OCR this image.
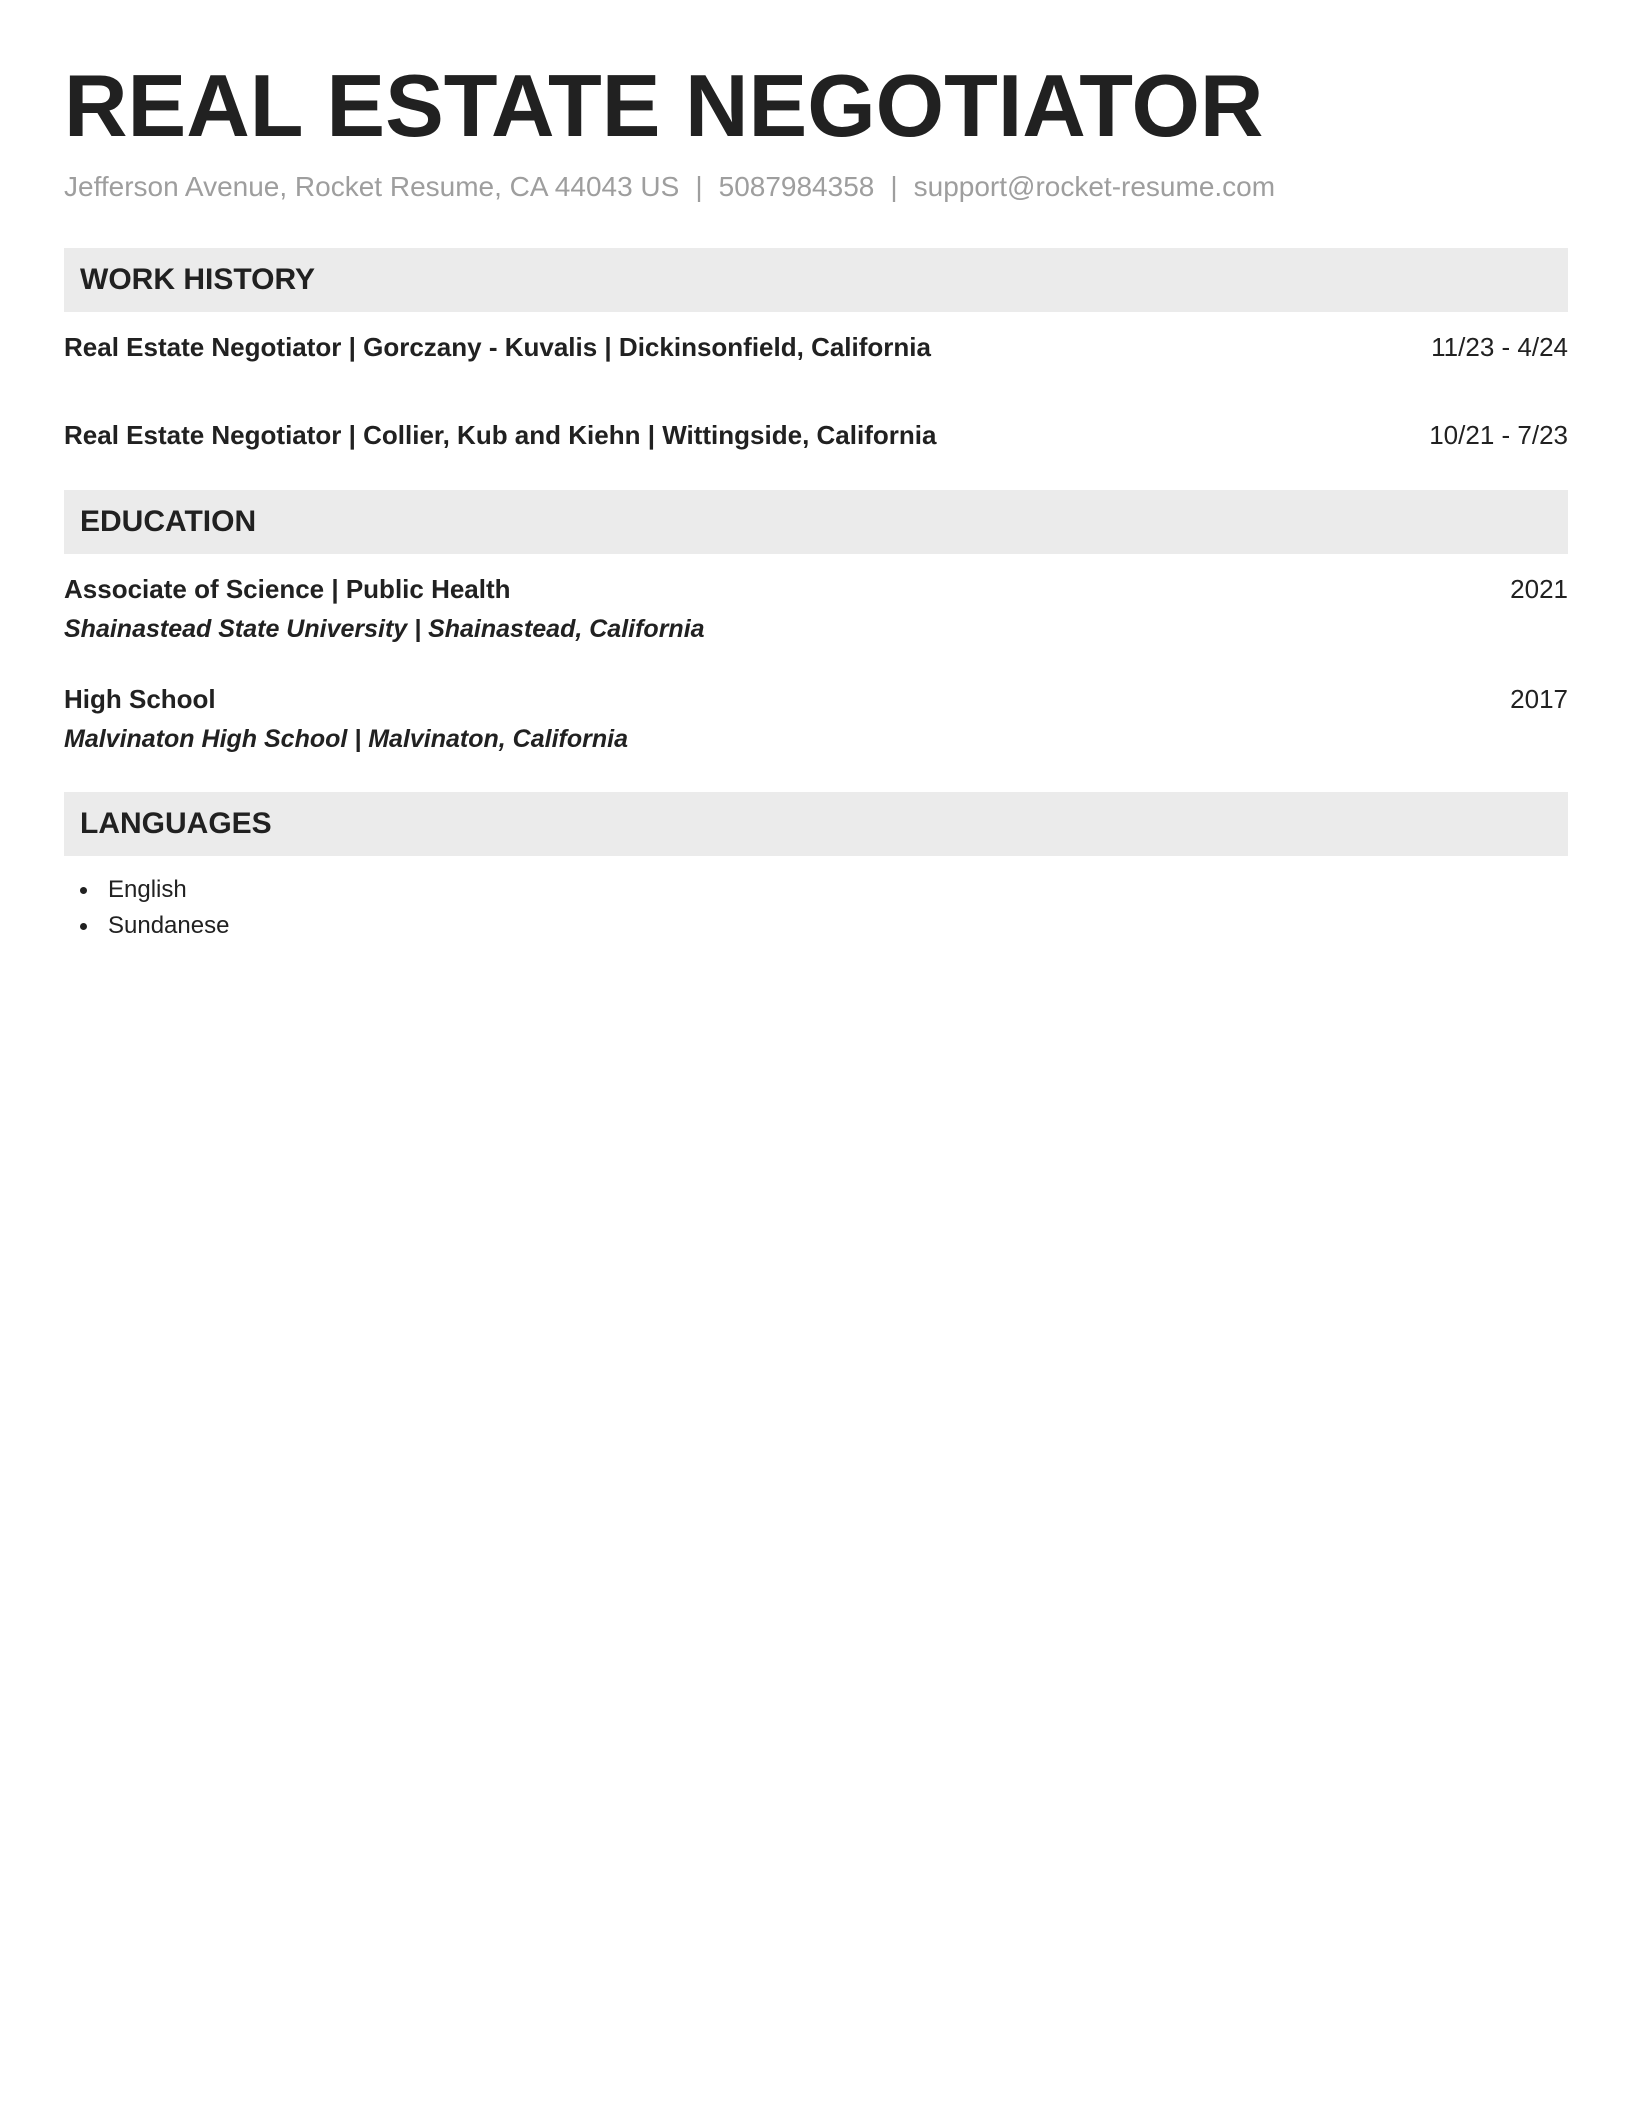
REAL ESTATE NEGOTIATOR
Jefferson Avenue, Rocket Resume, CA 44043 US | 5087984358 | support@rocket-resume.com
WORK HISTORY
Real Estate Negotiator | Gorczany - Kuvalis | Dickinsonfield, California	11/23 - 4/24
Real Estate Negotiator | Collier, Kub and Kiehn | Wittingside, California	10/21 - 7/23
EDUCATION
Associate of Science | Public Health	2021
Shainastead State University | Shainastead, California
High School	2017
Malvinaton High School | Malvinaton, California
LANGUAGES
English
Sundanese
